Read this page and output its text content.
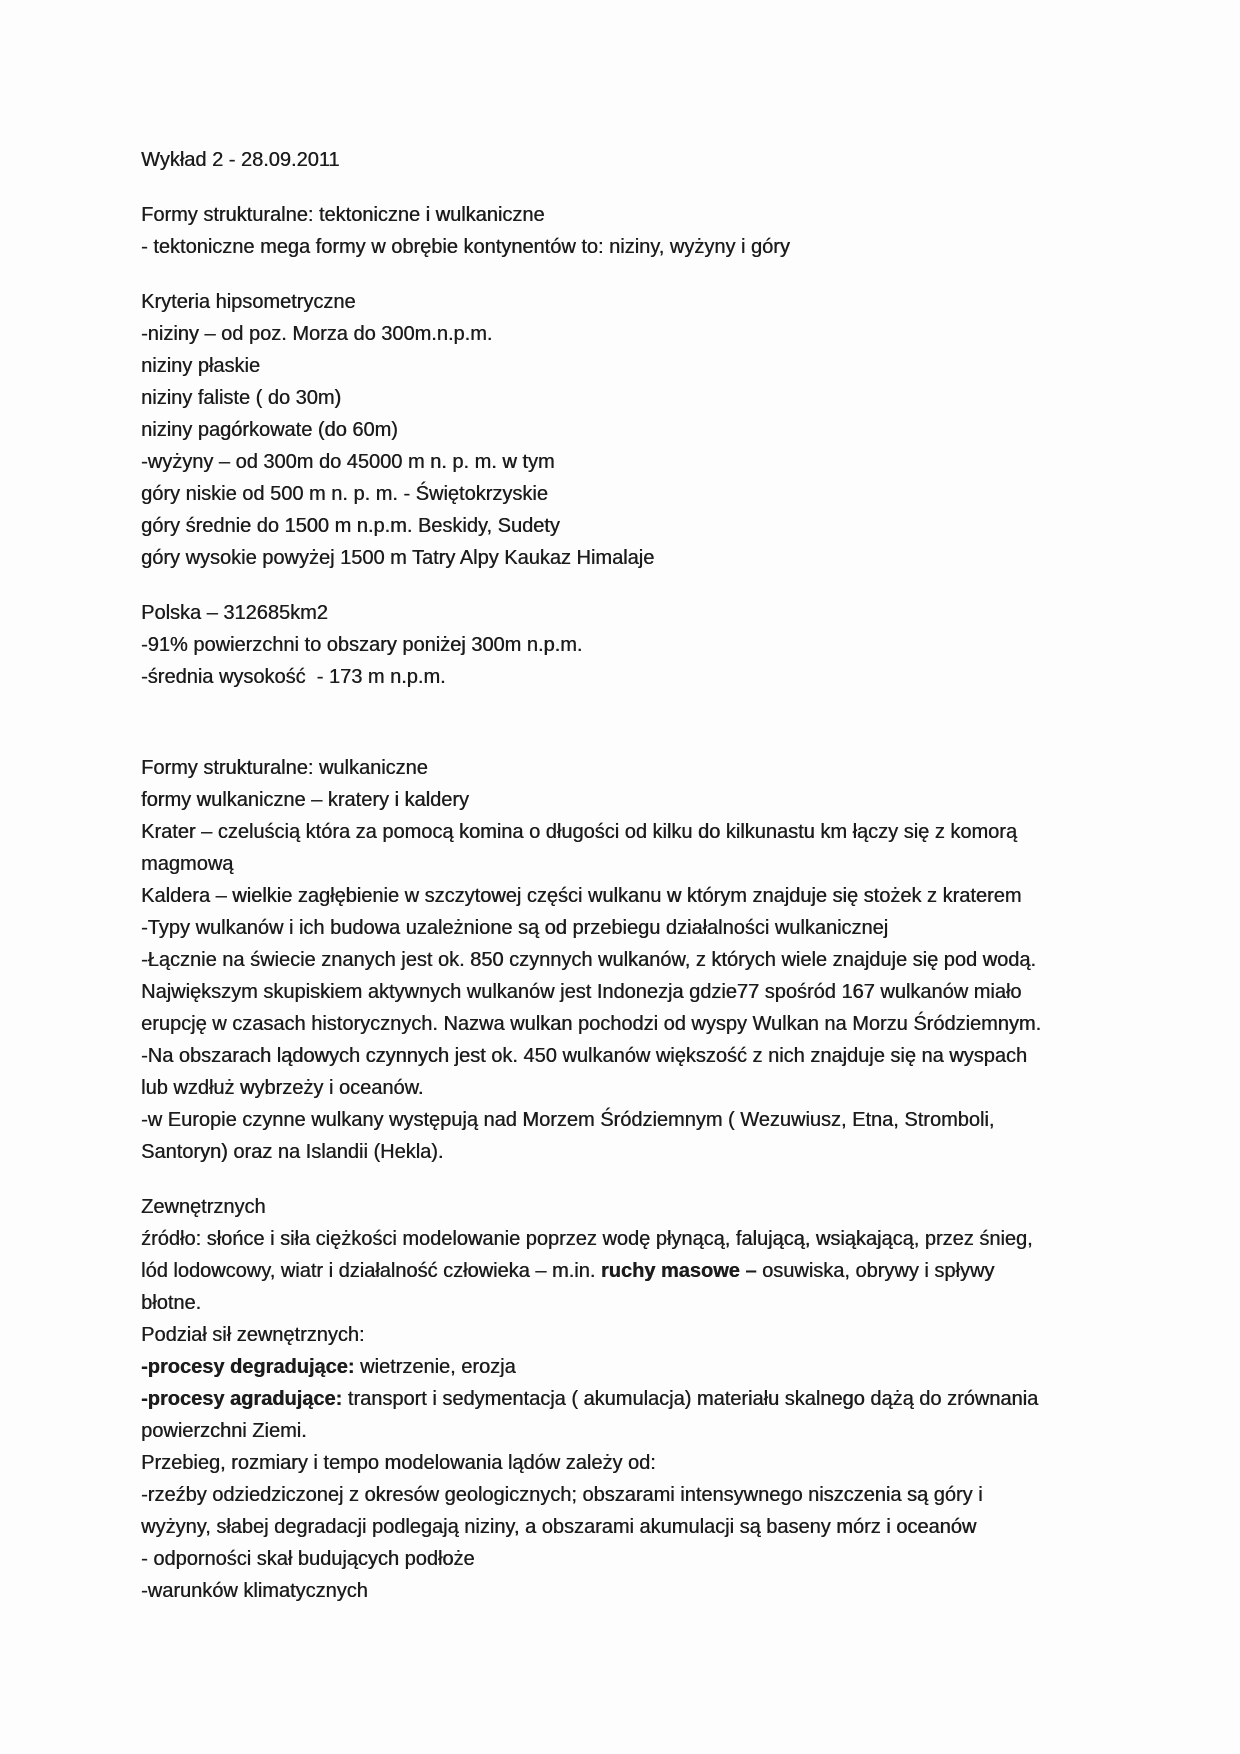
Wykład 2 - 28.09.2011
Formy strukturalne: tektoniczne i wulkaniczne
- tektoniczne mega formy w obrębie kontynentów to: niziny, wyżyny i góry
Kryteria hipsometryczne
-niziny – od poz. Morza do 300m.n.p.m.
niziny płaskie
niziny faliste ( do 30m)
niziny pagórkowate (do 60m)
-wyżyny – od 300m do 45000 m n. p. m. w tym
góry niskie od 500 m n. p. m. - Świętokrzyskie
góry średnie do 1500 m n.p.m. Beskidy, Sudety
góry wysokie powyżej 1500 m Tatry Alpy Kaukaz Himalaje
Polska – 312685km2
-91% powierzchni to obszary poniżej 300m n.p.m.
-średnia wysokość  - 173 m n.p.m.
Formy strukturalne: wulkaniczne
formy wulkaniczne – kratery i kaldery
Krater – czeluścią która za pomocą komina o długości od kilku do kilkunastu km łączy się z komorą
magmową
Kaldera – wielkie zagłębienie w szczytowej części wulkanu w którym znajduje się stożek z kraterem
-Typy wulkanów i ich budowa uzależnione są od przebiegu działalności wulkanicznej
-Łącznie na świecie znanych jest ok. 850 czynnych wulkanów, z których wiele znajduje się pod wodą.
Największym skupiskiem aktywnych wulkanów jest Indonezja gdzie77 spośród 167 wulkanów miało
erupcję w czasach historycznych. Nazwa wulkan pochodzi od wyspy Wulkan na Morzu Śródziemnym.
-Na obszarach lądowych czynnych jest ok. 450 wulkanów większość z nich znajduje się na wyspach
lub wzdłuż wybrzeży i oceanów.
-w Europie czynne wulkany występują nad Morzem Śródziemnym ( Wezuwiusz, Etna, Stromboli,
Santoryn) oraz na Islandii (Hekla).
Zewnętrznych
źródło: słońce i siła ciężkości modelowanie poprzez wodę płynącą, falującą, wsiąkającą, przez śnieg,
lód lodowcowy, wiatr i działalność człowieka – m.in. ruchy masowe – osuwiska, obrywy i spływy
błotne.
Podział sił zewnętrznych:
-procesy degradujące: wietrzenie, erozja
-procesy agradujące: transport i sedymentacja ( akumulacja) materiału skalnego dążą do zrównania
powierzchni Ziemi.
Przebieg, rozmiary i tempo modelowania lądów zależy od:
-rzeźby odziedziczonej z okresów geologicznych; obszarami intensywnego niszczenia są góry i
wyżyny, słabej degradacji podlegają niziny, a obszarami akumulacji są baseny mórz i oceanów
- odporności skał budujących podłoże
-warunków klimatycznych
